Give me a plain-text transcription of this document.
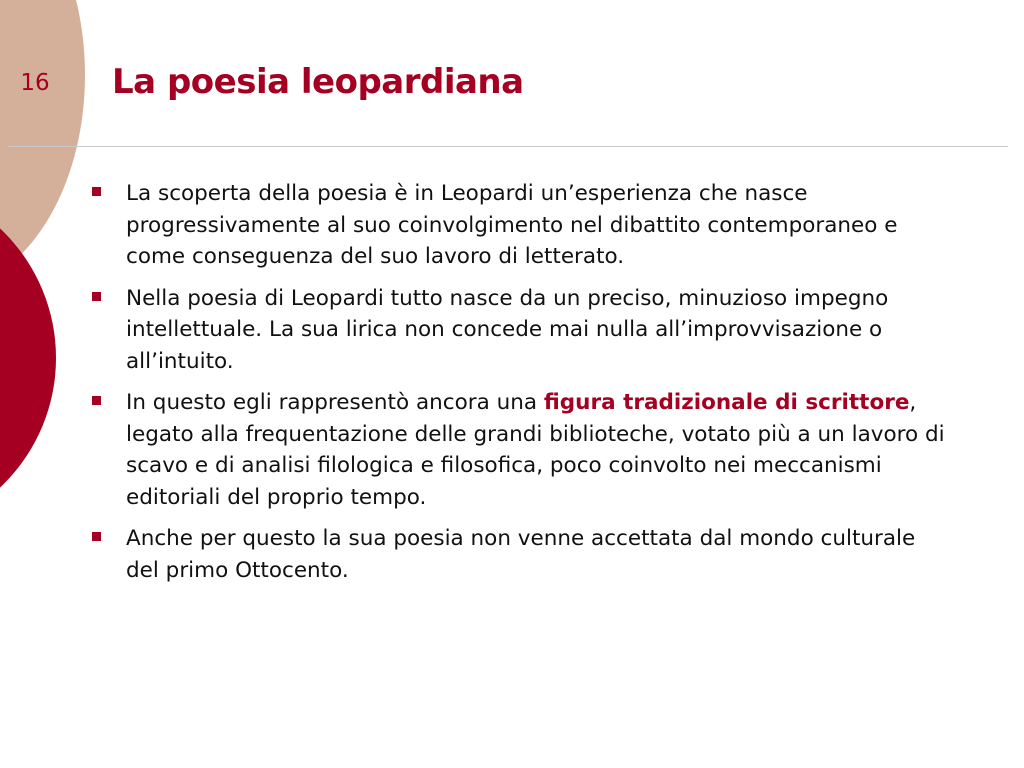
16 La poesia leopardiana
La scoperta della poesia è in Leopardi un’esperienza che nasce progressivamente al suo coinvolgimento nel dibattito contemporaneo e come conseguenza del suo lavoro di letterato.
Nella poesia di Leopardi tutto nasce da un preciso, minuzioso impegno intellettuale. La sua lirica non concede mai nulla all’improvvisazione o all’intuito.
In questo egli rappresentò ancora una figura tradizionale di scrittore, legato alla frequentazione delle grandi biblioteche, votato più a un lavoro di scavo e di analisi filologica e filosofica, poco coinvolto nei meccanismi editoriali del proprio tempo.
Anche per questo la sua poesia non venne accettata dal mondo culturale del primo Ottocento.
